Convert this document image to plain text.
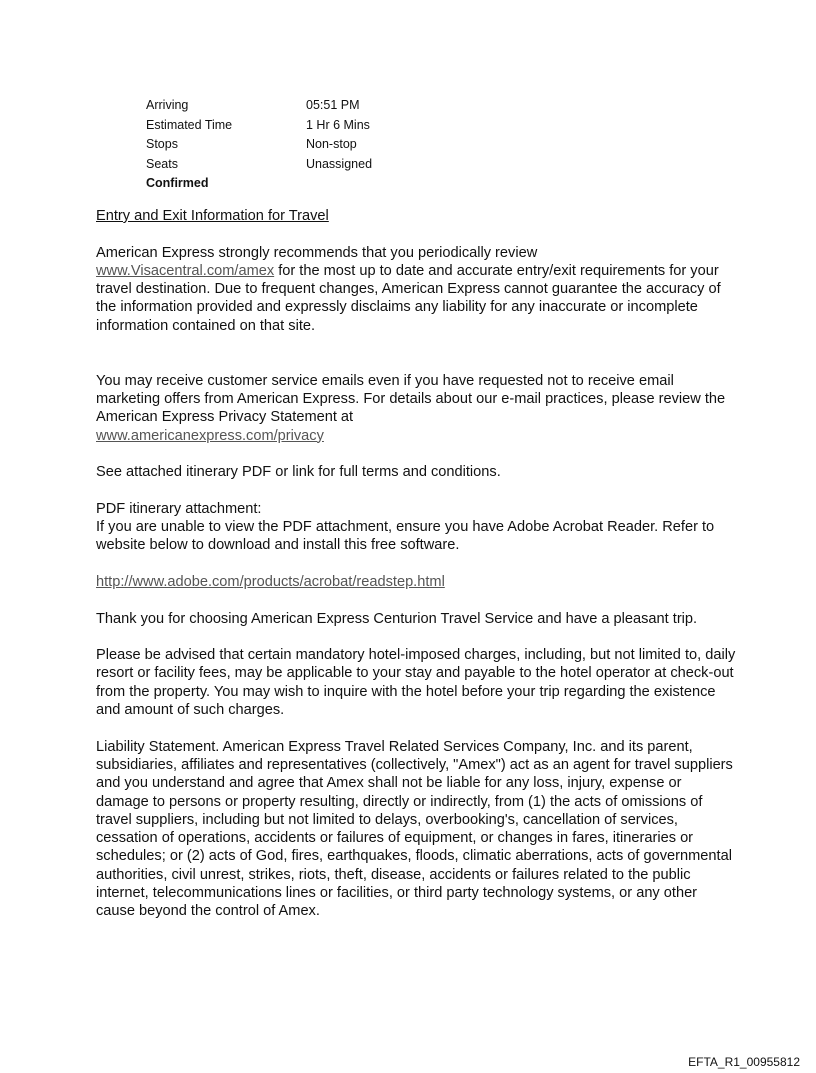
Arriving	05:51 PM
Estimated Time	1 Hr 6 Mins
Stops	Non-stop
Seats	Unassigned
Confirmed

Entry and Exit Information for Travel

American Express strongly recommends that you periodically review
www.Visacentral.com/amex for the most up to date and accurate entry/exit requirements for your travel destination. Due to frequent changes, American Express cannot guarantee the accuracy of the information provided and expressly disclaims any liability for any inaccurate or incomplete information contained on that site.

You may receive customer service emails even if you have requested not to receive email marketing offers from American Express. For details about our e-mail practices, please review the American Express Privacy Statement at
www.americanexpress.com/privacy

See attached itinerary PDF or link for full terms and conditions.

PDF itinerary attachment:
If you are unable to view the PDF attachment, ensure you have Adobe Acrobat Reader. Refer to website below to download and install this free software.

http://www.adobe.com/products/acrobat/readstep.html

Thank you for choosing American Express Centurion Travel Service and have a pleasant trip.

Please be advised that certain mandatory hotel-imposed charges, including, but not limited to, daily resort or facility fees, may be applicable to your stay and payable to the hotel operator at check-out from the property. You may wish to inquire with the hotel before your trip regarding the existence and amount of such charges.

Liability Statement. American Express Travel Related Services Company, Inc. and its parent, subsidiaries, affiliates and representatives (collectively, "Amex") act as an agent for travel suppliers and you understand and agree that Amex shall not be liable for any loss, injury, expense or damage to persons or property resulting, directly or indirectly, from (1) the acts of omissions of travel suppliers, including but not limited to delays, overbooking's, cancellation of services, cessation of operations, accidents or failures of equipment, or changes in fares, itineraries or schedules; or (2) acts of God, fires, earthquakes, floods, climatic aberrations, acts of governmental authorities, civil unrest, strikes, riots, theft, disease, accidents or failures related to the public internet, telecommunications lines or facilities, or third party technology systems, or any other cause beyond the control of Amex.

EFTA_R1_00955812
